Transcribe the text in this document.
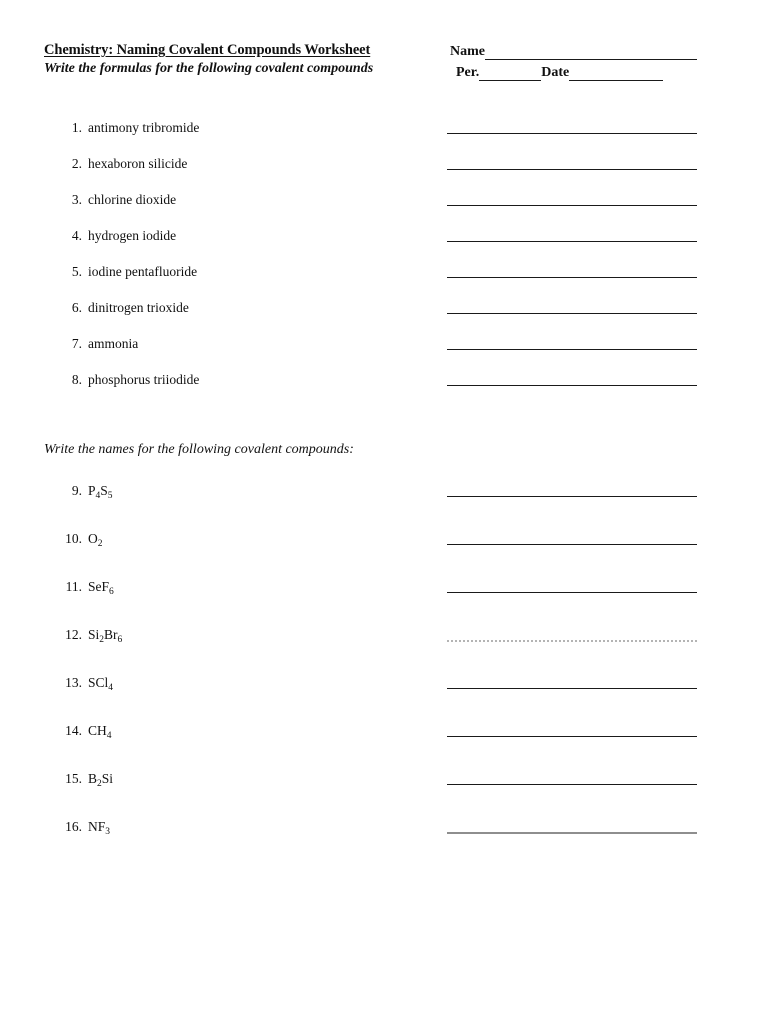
Chemistry: Naming Covalent Compounds Worksheet
Write the formulas for the following covalent compounds
Name
Per.	Date
1. antimony tribromide
2. hexaboron silicide
3. chlorine dioxide
4. hydrogen iodide
5. iodine pentafluoride
6. dinitrogen trioxide
7. ammonia
8. phosphorus triiodide
Write the names for the following covalent compounds:
9. $P_4S_5$
10. $O_2$
11. SeF$_6$
12. $Si_2Br_6$
13. SCl$_4$
14. $CH_4$
15. $B_2Si$
16. $NF_3$
